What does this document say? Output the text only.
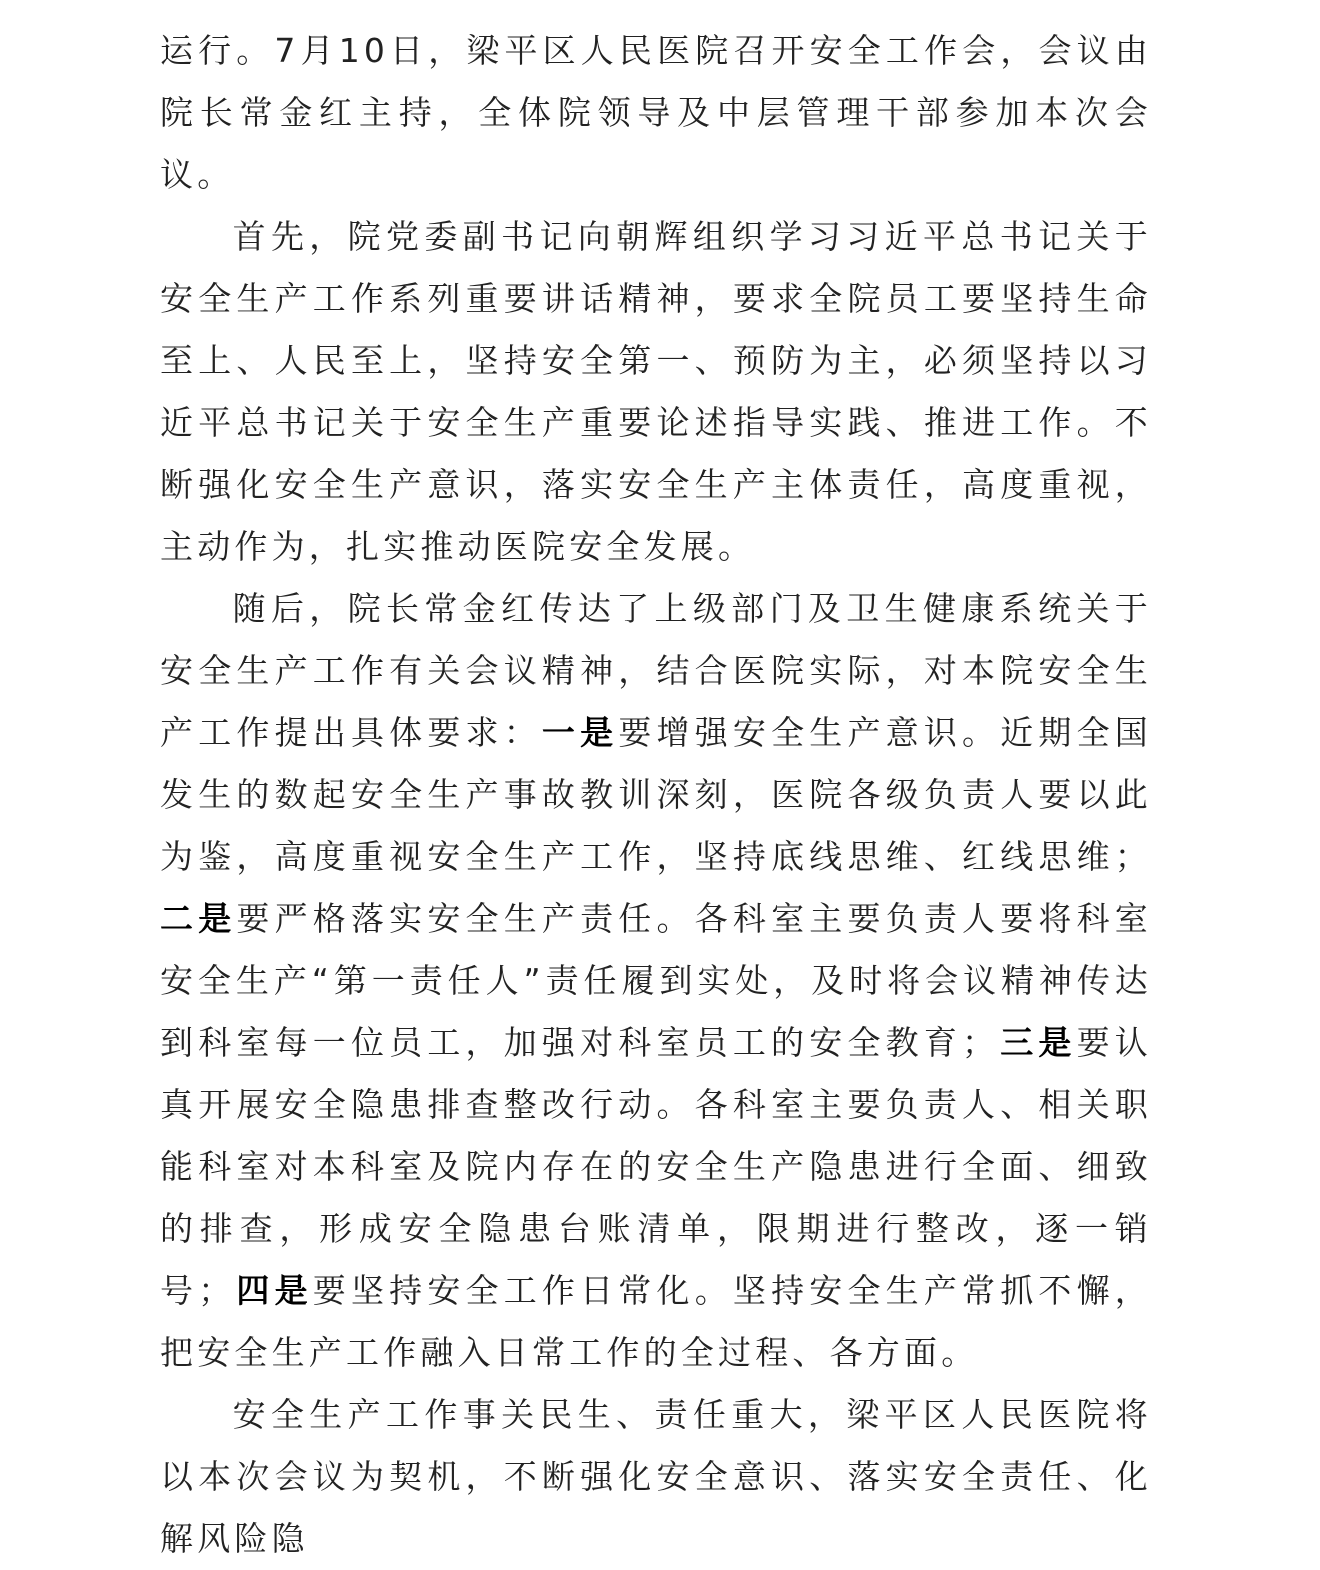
运行。7月10日，梁平区人民医院召开安全工作会，会议由院长常金红主持，全体院领导及中层管理干部参加本次会议。

首先，院党委副书记向朝辉组织学习习近平总书记关于安全生产工作系列重要讲话精神，要求全院员工要坚持生命至上、人民至上，坚持安全第一、预防为主，必须坚持以习近平总书记关于安全生产重要论述指导实践、推进工作。不断强化安全生产意识，落实安全生产主体责任，高度重视，主动作为，扎实推动医院安全发展。

随后，院长常金红传达了上级部门及卫生健康系统关于安全生产工作有关会议精神，结合医院实际，对本院安全生产工作提出具体要求：一是要增强安全生产意识。近期全国发生的数起安全生产事故教训深刻，医院各级负责人要以此为鉴，高度重视安全生产工作，坚持底线思维、红线思维；二是要严格落实安全生产责任。各科室主要负责人要将科室安全生产“第一责任人”责任履到实处，及时将会议精神传达到科室每一位员工，加强对科室员工的安全教育；三是要认真开展安全隐患排查整改行动。各科室主要负责人、相关职能科室对本科室及院内存在的安全生产隐患进行全面、细致的排查，形成安全隐患台账清单，限期进行整改，逐一销号；四是要坚持安全工作日常化。坚持安全生产常抓不懈，把安全生产工作融入日常工作的全过程、各方面。

安全生产工作事关民生、责任重大，梁平区人民医院将以本次会议为契机，不断强化安全意识、落实安全责任、化解风险隐
